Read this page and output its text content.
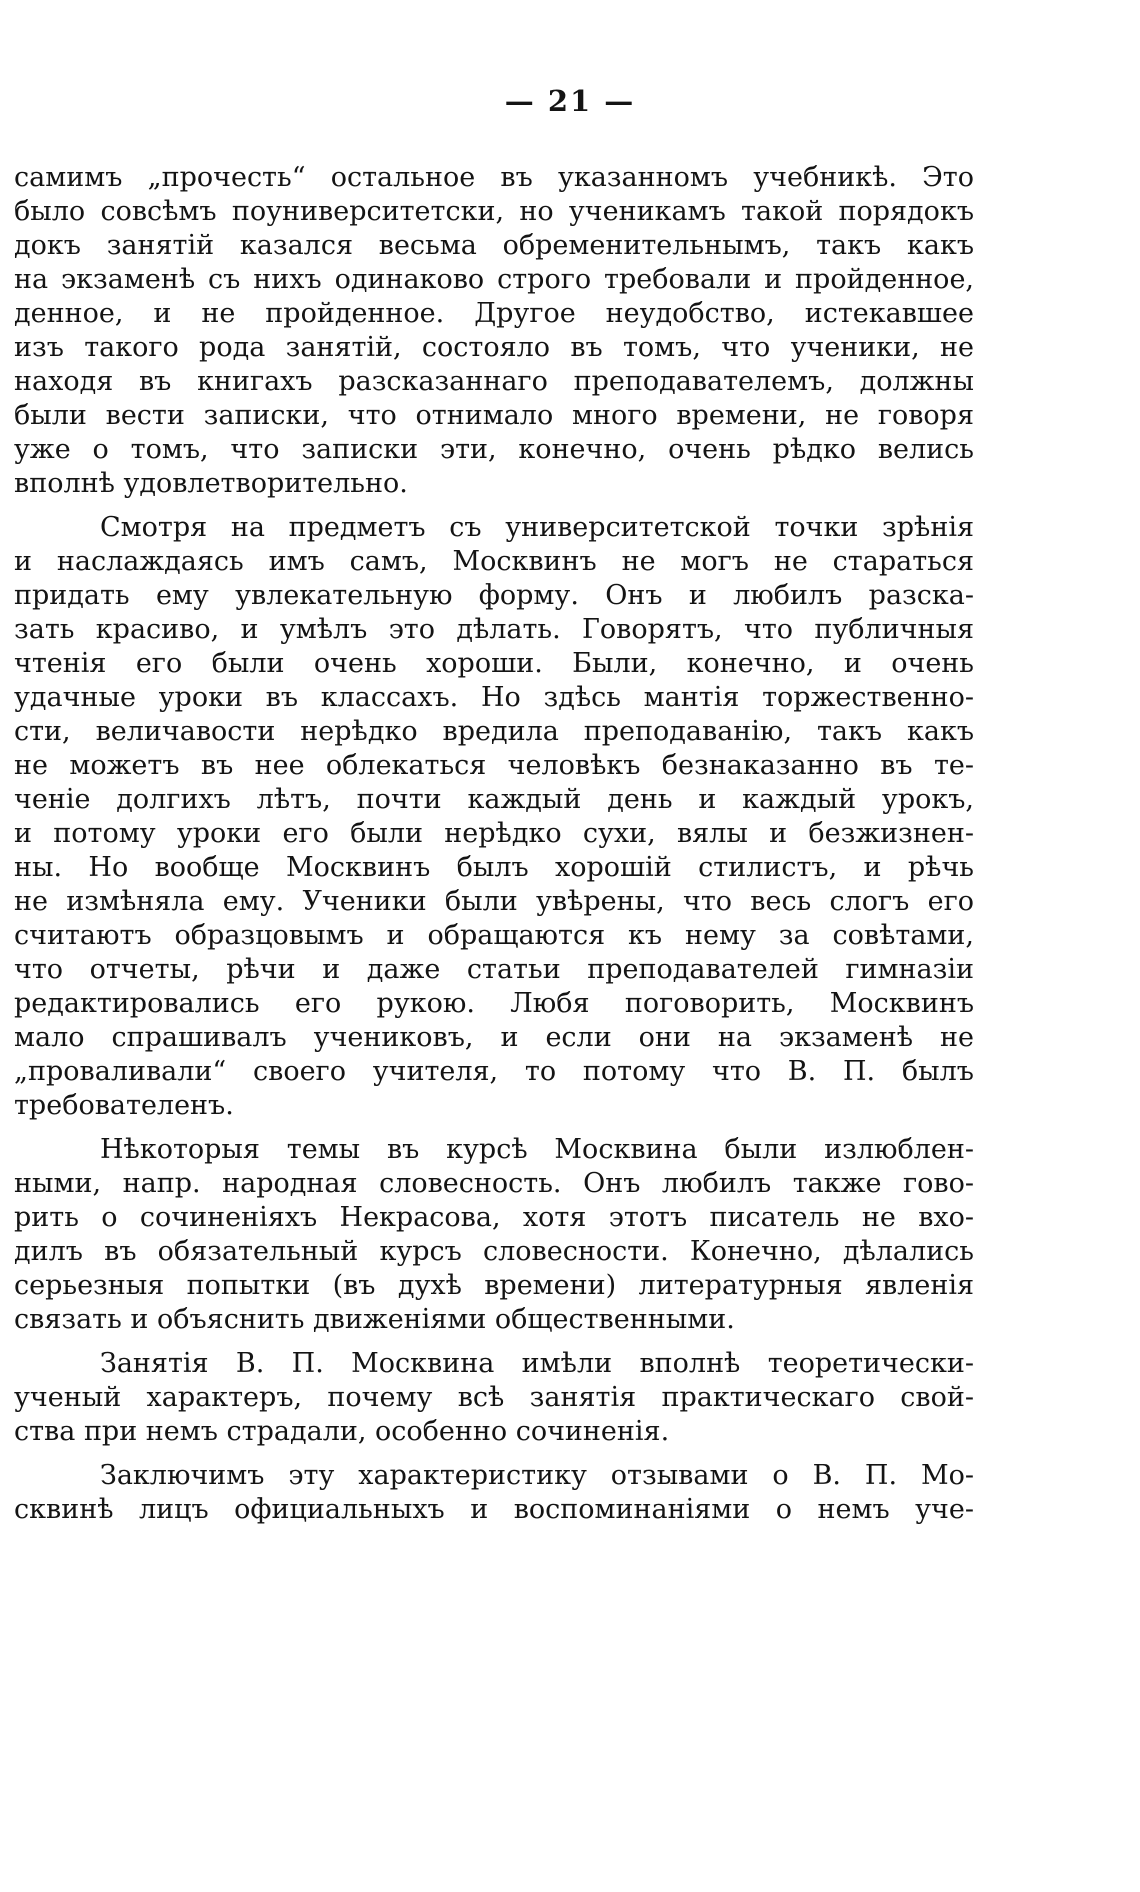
— 21 —
самимъ „прочесть“ остальное въ указанномъ учебникѣ. Это
было совсѣмъ поуниверситетски, но ученикамъ такой порядокъ
докъ занятій казался весьма обременительнымъ, такъ какъ
на экзаменѣ съ нихъ одинаково строго требовали и пройденное,
денное, и не пройденное. Другое неудобство, истекавшее
изъ такого рода занятій, состояло въ томъ, что ученики, не
находя въ книгахъ разсказаннаго преподавателемъ, должны
были вести записки, что отнимало много времени, не говоря
уже о томъ, что записки эти, конечно, очень рѣдко велись
вполнѣ удовлетворительно.
Смотря на предметъ съ университетской точки зрѣнія
и наслаждаясь имъ самъ, Москвинъ не могъ не стараться
придать ему увлекательную форму. Онъ и любилъ разска-
зать красиво, и умѣлъ это дѣлать. Говорятъ, что публичныя
чтенія его были очень хороши. Были, конечно, и очень
удачные уроки въ классахъ. Но здѣсь мантія торжественно-
сти, величавости нерѣдко вредила преподаванію, такъ какъ
не можетъ въ нее облекаться человѣкъ безнаказанно въ те-
ченіе долгихъ лѣтъ, почти каждый день и каждый урокъ,
и потому уроки его были нерѣдко сухи, вялы и безжизнен-
ны. Но вообще Москвинъ былъ хорошій стилистъ, и рѣчь
не измѣняла ему. Ученики были увѣрены, что весь слогъ его
считаютъ образцовымъ и обращаются къ нему за совѣтами,
что отчеты, рѣчи и даже статьи преподавателей гимназіи
редактировались его рукою. Любя поговорить, Москвинъ
мало спрашивалъ учениковъ, и если они на экзаменѣ не
„проваливали“ своего учителя, то потому что В. П. былъ
требователенъ.
Нѣкоторыя темы въ курсѣ Москвина были излюблен-
ными, напр. народная словесность. Онъ любилъ также гово-
рить о сочиненіяхъ Некрасова, хотя этотъ писатель не вхо-
дилъ въ обязательный курсъ словесности. Конечно, дѣлались
серьезныя попытки (въ духѣ времени) литературныя явленія
связать и объяснить движеніями общественными.
Занятія В. П. Москвина имѣли вполнѣ теоретически-
ученый характеръ, почему всѣ занятія практическаго свой-
ства при немъ страдали, особенно сочиненія.
Заключимъ эту характеристику отзывами о В. П. Мо-
сквинѣ лицъ официальныхъ и воспоминаніями о немъ уче-
